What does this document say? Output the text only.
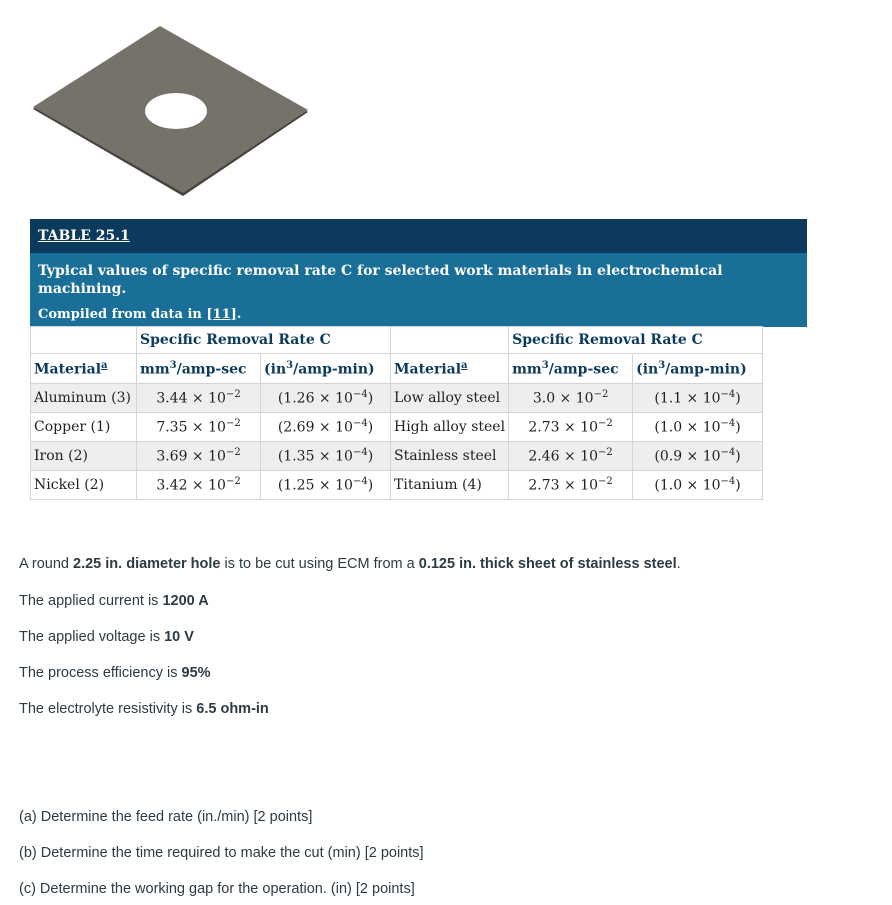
TABLE 25.1
Typical values of specific removal rate C for selected work materials in electrochemical machining.
Compiled from data in [11].
	Specific Removal Rate C			Specific Removal Rate C	
Material$^a$	$mm^3/amp-\sec$	$(in^3/amp-\min)$	Material$^a$	$mm^3/amp-\sec$	$(in^3/amp-\min)$
Aluminum (3)	$3.44 \times 10^{-2}$	$(1.26 \times 10^{-4})$	Low alloy steel	$3.0 \times 10^{-2}$	$(1.1 \times 10^{-4})$
Copper (1)	$7.35 \times 10^{-2}$	$(2.69 \times 10^{-4})$	High alloy steel	$2.73 \times 10^{-2}$	$(1.0 \times 10^{-4})$
Iron (2)	$3.69 \times 10^{-2}$	$(1.35 \times 10^{-4})$	Stainless steel	$2.46 \times 10^{-2}$	$(0.9 \times 10^{-4})$
Nickel (2)	$3.42 \times 10^{-2}$	$(1.25 \times 10^{-4})$	Titanium (4)	$2.73 \times 10^{-2}$	$(1.0 \times 10^{-4})$
A round 2.25 in. diameter hole is to be cut using ECM from a 0.125 in. thick sheet of stainless steel.
The applied current is 1200 A
The applied voltage is 10 V
The process efficiency is 95%
The electrolyte resistivity is 6.5 ohm-in
(a) Determine the feed rate (in./min) [2 points]
(b) Determine the time required to make the cut (min) [2 points]
(c) Determine the working gap for the operation. (in) [2 points]
